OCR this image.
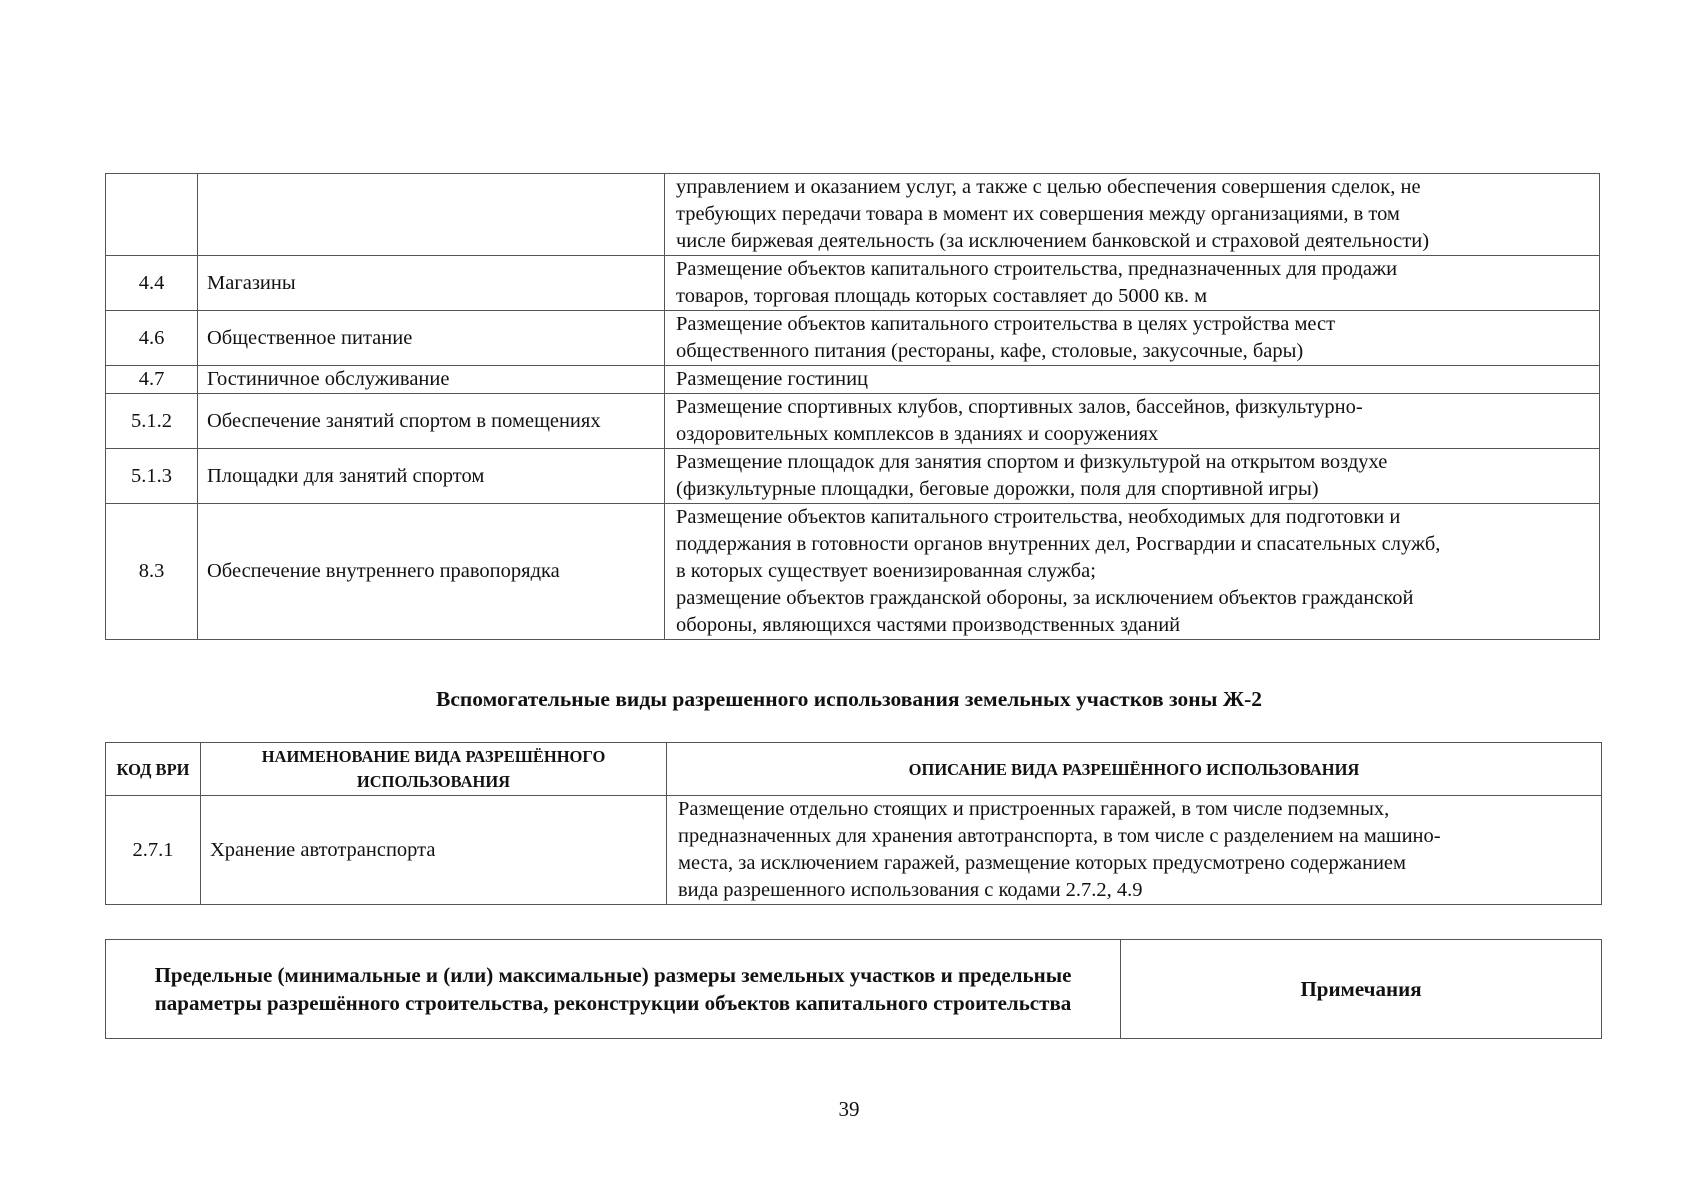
		управлением и оказанием услуг, а также с целью обеспечения совершения сделок, не
требующих передачи товара в момент их совершения между организациями, в том
числе биржевая деятельность (за исключением банковской и страховой деятельности)

4.4	Магазины	Размещение объектов капитального строительства, предназначенных для продажи
товаров, торговая площадь которых составляет до 5000 кв. м

4.6	Общественное питание	Размещение объектов капитального строительства в целях устройства мест
общественного питания (рестораны, кафе, столовые, закусочные, бары)

4.7	Гостиничное обслуживание	Размещение гостиниц

5.1.2	Обеспечение занятий спортом в помещениях	Размещение спортивных клубов, спортивных залов, бассейнов, физкультурно-
оздоровительных комплексов в зданиях и сооружениях

5.1.3	Площадки для занятий спортом	Размещение площадок для занятия спортом и физкультурой на открытом воздухе
(физкультурные площадки, беговые дорожки, поля для спортивной игры)

8.3	Обеспечение внутреннего правопорядка	Размещение объектов капитального строительства, необходимых для подготовки и
поддержания в готовности органов внутренних дел, Росгвардии и спасательных служб,
в которых существует военизированная служба;
размещение объектов гражданской обороны, за исключением объектов гражданской
обороны, являющихся частями производственных зданий
Вспомогательные виды разрешенного использования земельных участков зоны Ж-2
КОД ВРИ	НАИМЕНОВАНИЕ ВИДА РАЗРЕШЁННОГО ИСПОЛЬЗОВАНИЯ	ОПИСАНИЕ ВИДА РАЗРЕШЁННОГО ИСПОЛЬЗОВАНИЯ
2.7.1	Хранение автотранспорта	Размещение отдельно стоящих и пристроенных гаражей, в том числе подземных,
предназначенных для хранения автотранспорта, в том числе с разделением на машино-
места, за исключением гаражей, размещение которых предусмотрено содержанием
вида разрешенного использования с кодами 2.7.2, 4.9
Предельные (минимальные и (или) максимальные) размеры земельных участков и предельные параметры разрешённого строительства, реконструкции объектов капитального строительства	Примечания
39
